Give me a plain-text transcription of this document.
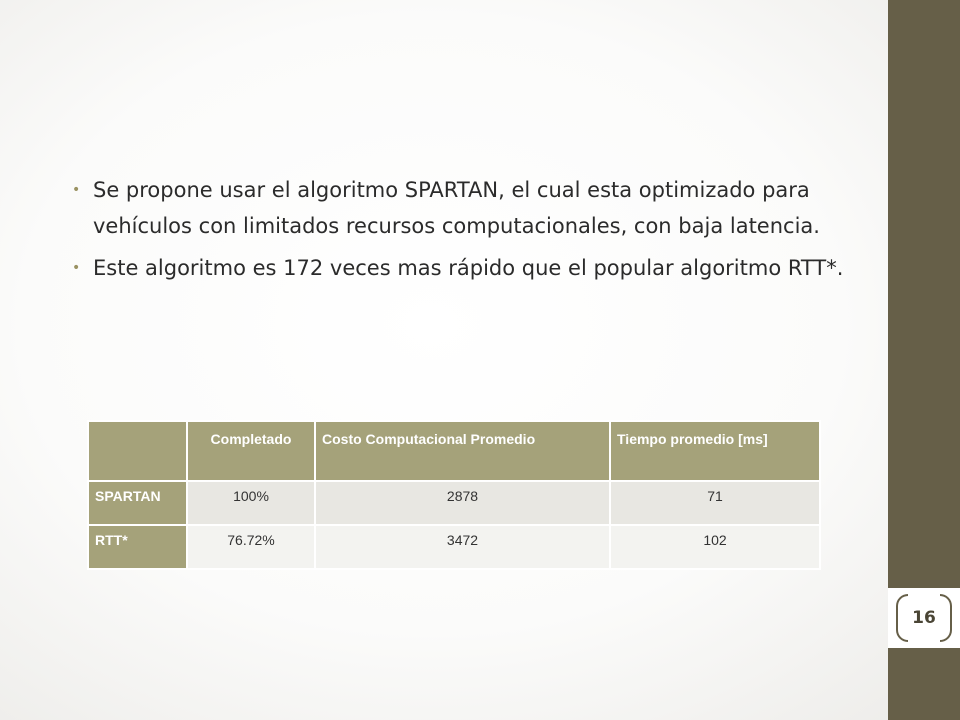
• Se propone usar el algoritmo SPARTAN, el cual esta optimizado para vehículos con limitados recursos computacionales, con baja latencia.
• Este algoritmo es 172 veces mas rápido que el popular algoritmo RTT*.
	Completado	Costo Computacional Promedio	Tiempo promedio [ms]
SPARTAN	100%	2878	71
RTT*	76.72%	3472	102
16
